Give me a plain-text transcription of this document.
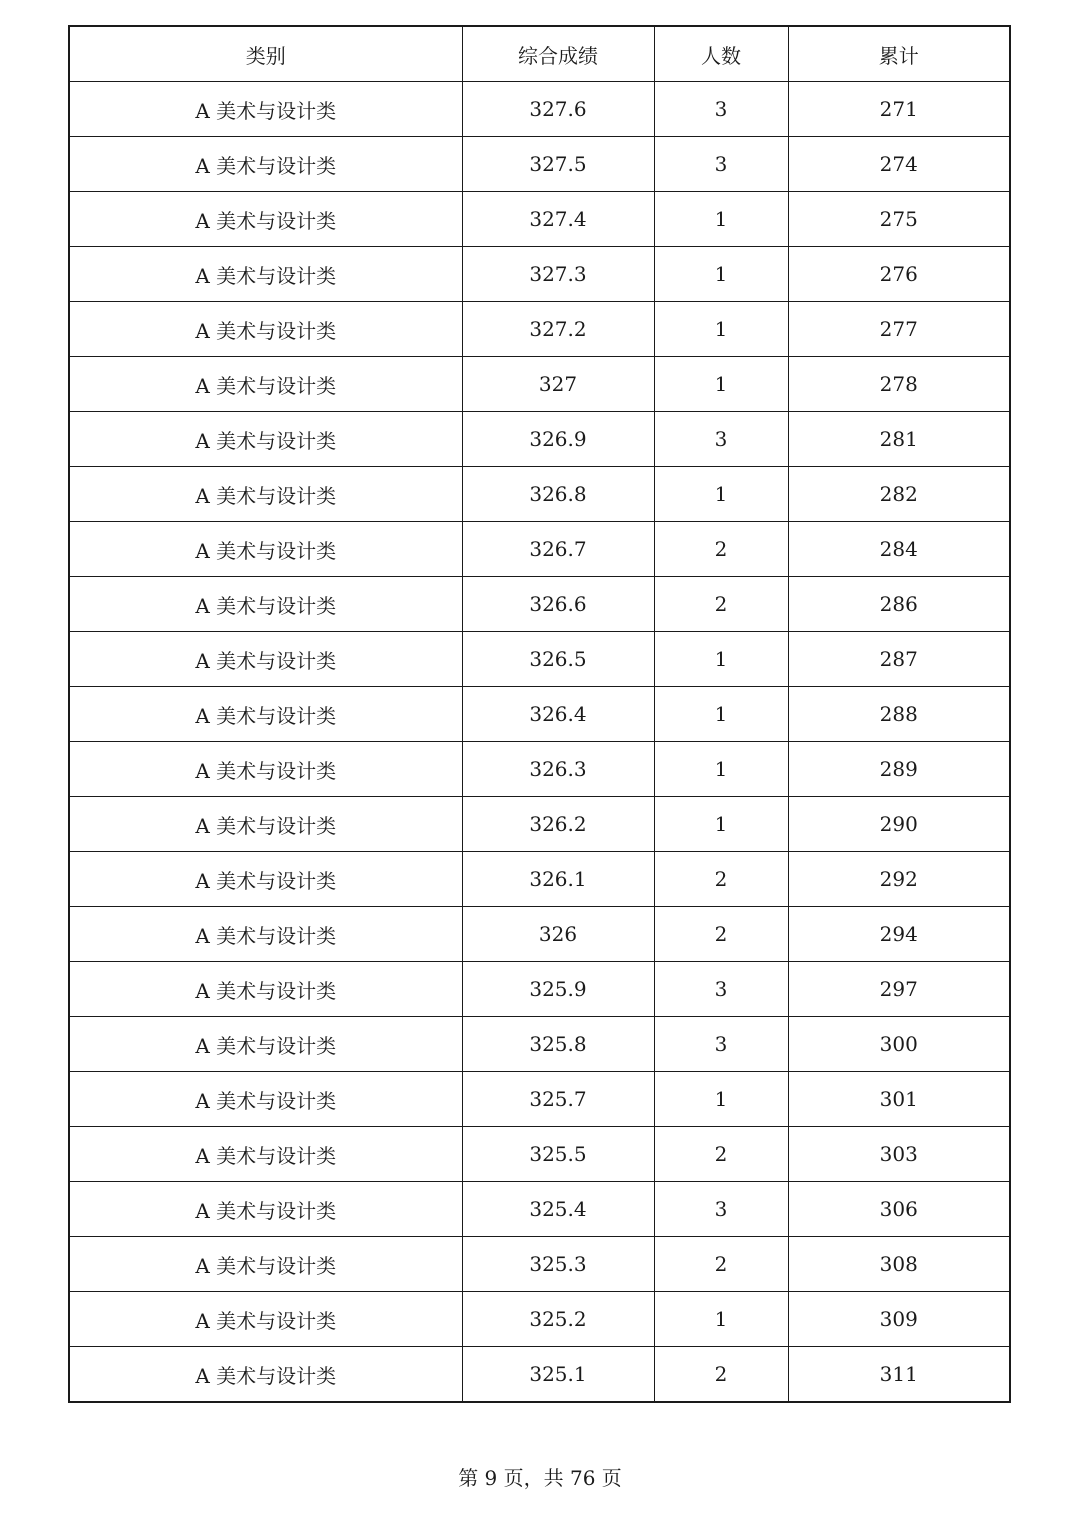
类别	综合成绩	人数	累计
A 美术与设计类	327.6	3	271
A 美术与设计类	327.5	3	274
A 美术与设计类	327.4	1	275
A 美术与设计类	327.3	1	276
A 美术与设计类	327.2	1	277
A 美术与设计类	327	1	278
A 美术与设计类	326.9	3	281
A 美术与设计类	326.8	1	282
A 美术与设计类	326.7	2	284
A 美术与设计类	326.6	2	286
A 美术与设计类	326.5	1	287
A 美术与设计类	326.4	1	288
A 美术与设计类	326.3	1	289
A 美术与设计类	326.2	1	290
A 美术与设计类	326.1	2	292
A 美术与设计类	326	2	294
A 美术与设计类	325.9	3	297
A 美术与设计类	325.8	3	300
A 美术与设计类	325.7	1	301
A 美术与设计类	325.5	2	303
A 美术与设计类	325.4	3	306
A 美术与设计类	325.3	2	308
A 美术与设计类	325.2	1	309
A 美术与设计类	325.1	2	311
第 9 页，共 76 页
